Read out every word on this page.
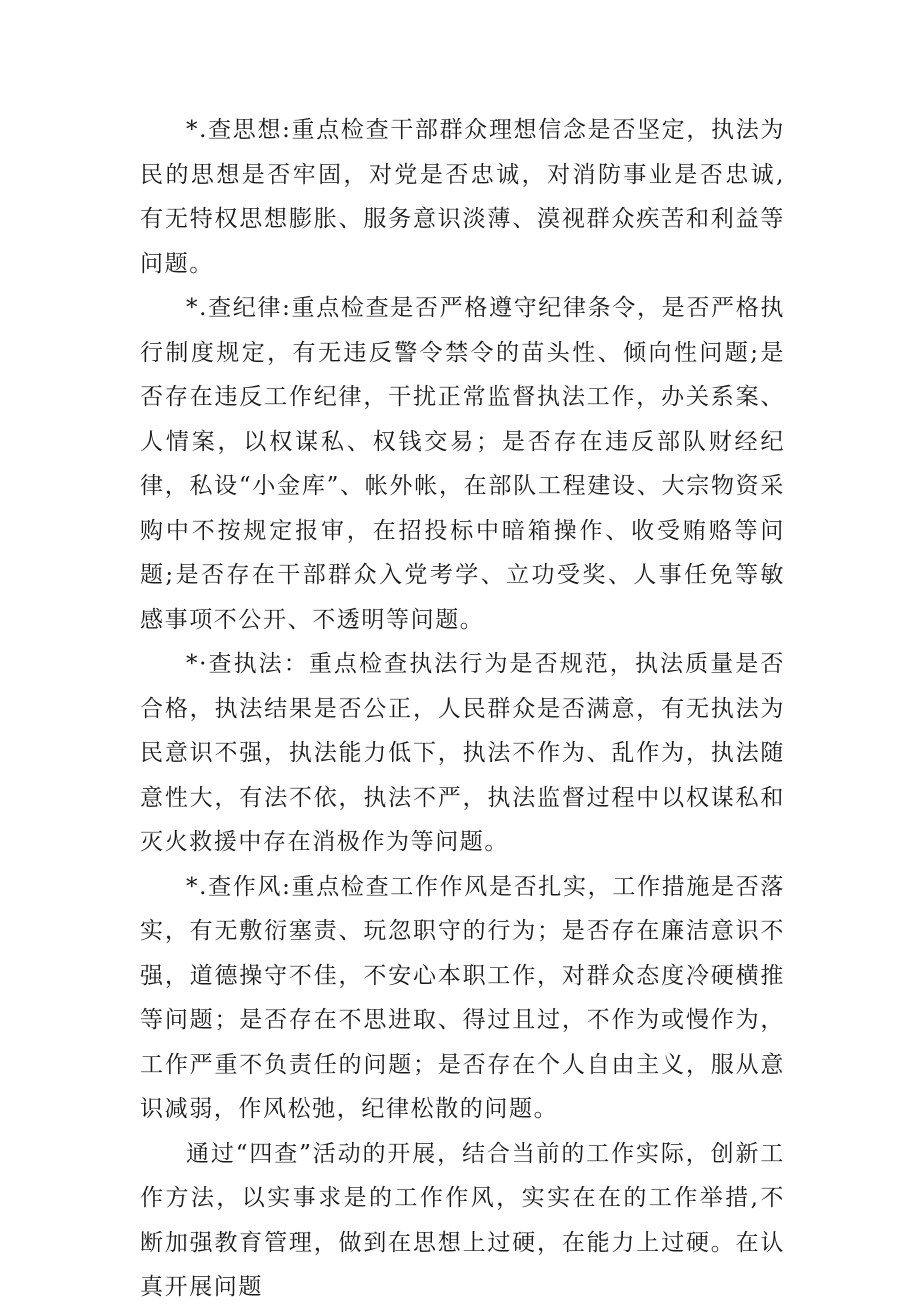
*.查思想:重点检查干部群众理想信念是否坚定，执法为民的思想是否牢固，对党是否忠诚，对消防事业是否忠诚,有无特权思想膨胀、服务意识淡薄、漠视群众疾苦和利益等问题。

*.查纪律:重点检查是否严格遵守纪律条令，是否严格执行制度规定，有无违反警令禁令的苗头性、倾向性问题;是否存在违反工作纪律，干扰正常监督执法工作，办关系案、人情案，以权谋私、权钱交易；是否存在违反部队财经纪律，私设“小金库”、帐外帐，在部队工程建设、大宗物资采购中不按规定报审，在招投标中暗箱操作、收受贿赂等问题;是否存在干部群众入党考学、立功受奖、人事任免等敏感事项不公开、不透明等问题。

*·查执法：重点检查执法行为是否规范，执法质量是否合格，执法结果是否公正，人民群众是否满意，有无执法为民意识不强，执法能力低下，执法不作为、乱作为，执法随意性大，有法不依，执法不严，执法监督过程中以权谋私和灭火救援中存在消极作为等问题。

*.查作风:重点检查工作作风是否扎实，工作措施是否落实，有无敷衍塞责、玩忽职守的行为；是否存在廉洁意识不强，道德操守不佳，不安心本职工作，对群众态度冷硬横推等问题；是否存在不思进取、得过且过，不作为或慢作为，工作严重不负责任的问题；是否存在个人自由主义，服从意识减弱，作风松弛，纪律松散的问题。

通过“四查”活动的开展，结合当前的工作实际，创新工作方法，以实事求是的工作作风，实实在在的工作举措,不断加强教育管理，做到在思想上过硬，在能力上过硬。在认真开展问题
